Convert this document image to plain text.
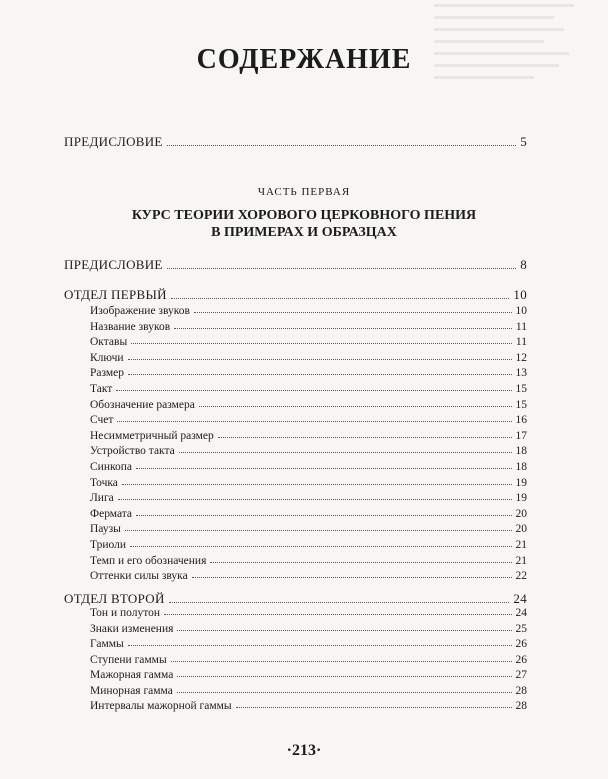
СОДЕРЖАНИЕ
ПРЕДИСЛОВИЕ	5
ЧАСТЬ ПЕРВАЯ
КУРС ТЕОРИИ ХОРОВОГО ЦЕРКОВНОГО ПЕНИЯ
В ПРИМЕРАХ И ОБРАЗЦАХ
ПРЕДИСЛОВИЕ	8
ОТДЕЛ ПЕРВЫЙ	10
Изображение звуков	10
Название звуков	11
Октавы	11
Ключи	12
Размер	13
Такт	15
Обозначение размера	15
Счет	16
Несимметричный размер	17
Устройство такта	18
Синкопа	18
Точка	19
Лига	19
Фермата	20
Паузы	20
Триоли	21
Темп и его обозначения	21
Оттенки силы звука	22
ОТДЕЛ ВТОРОЙ	24
Тон и полутон	24
Знаки изменения	25
Гаммы	26
Ступени гаммы	26
Мажорная гамма	27
Минорная гамма	28
Интервалы мажорной гаммы	28
·213·
